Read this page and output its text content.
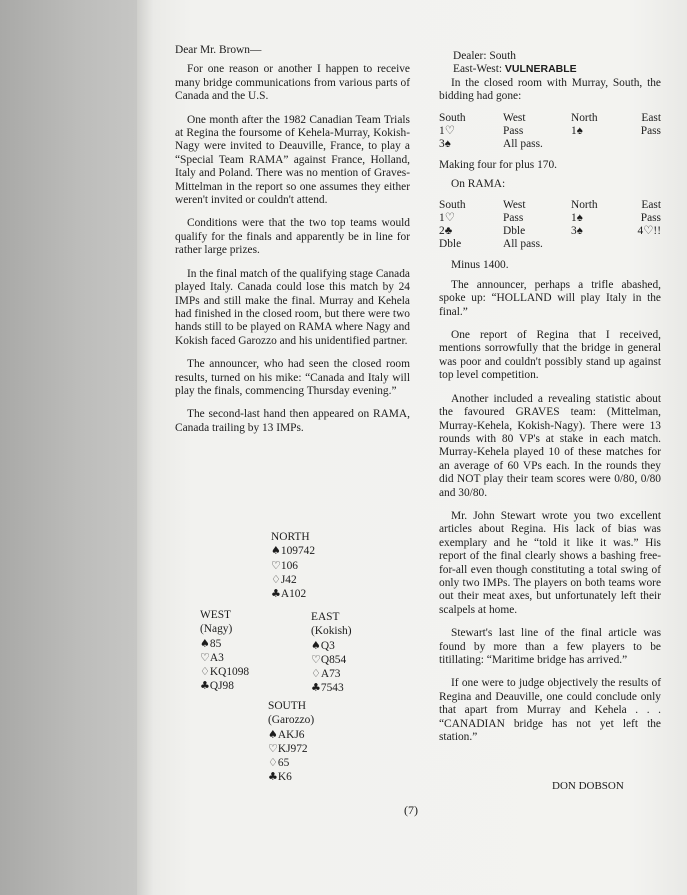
Dear Mr. Brown—

For one reason or another I happen to receive many bridge communications from various parts of Canada and the U.S.

One month after the 1982 Canadian Team Trials at Regina the foursome of Kehela-Murray, Kokish-Nagy were invited to Deauville, France, to play a “Special Team RAMA” against France, Holland, Italy and Poland. There was no mention of Graves-Mittelman in the report so one assumes they either weren't invited or couldn't attend.

Conditions were that the two top teams would qualify for the finals and apparently be in line for rather large prizes.

In the final match of the qualifying stage Canada played Italy. Canada could lose this match by 24 IMPs and still make the final. Murray and Kehela had finished in the closed room, but there were two hands still to be played on RAMA where Nagy and Kokish faced Garozzo and his unidentified partner.

The announcer, who had seen the closed room results, turned on his mike: “Canada and Italy will play the finals, commencing Thursday evening.”

The second-last hand then appeared on RAMA, Canada trailing by 13 IMPs.

NORTH
♠109742
♡106
♢J42
♣A102
WEST
(Nagy)
♠85
♡A3
♢KQ1098
♣QJ98
EAST
(Kokish)
♠Q3
♡Q854
♢A73
♣7543
SOUTH
(Garozzo)
♠AKJ6
♡KJ972
♢65
♣K6

Dealer: South

East-West: VULNERABLE

In the closed room with Murray, South, the bidding had gone:

South	West	North	East
1♡	Pass	1♠	Pass
3♠	All pass.		

Making four for plus 170.

On RAMA:

South	West	North	East
1♡	Pass	1♠	Pass
2♣	Dble	3♠	4♡!!
Dble	All pass.		

Minus 1400.

The announcer, perhaps a trifle abashed, spoke up: “HOLLAND will play Italy in the final.”

One report of Regina that I received, mentions sorrowfully that the bridge in general was poor and couldn't possibly stand up against top level competition.

Another included a revealing statistic about the favoured GRAVES team: (Mittelman, Murray-Kehela, Kokish-Nagy). There were 13 rounds with 80 VP's at stake in each match. Murray-Kehela played 10 of these matches for an average of 60 VPs each. In the rounds they did NOT play their team scores were 0/80, 0/80 and 30/80.

Mr. John Stewart wrote you two excellent articles about Regina. His lack of bias was exemplary and he “told it like it was.” His report of the final clearly shows a bashing free-for-all even though constituting a total swing of only two IMPs. The players on both teams wore out their meat axes, but unfortunately left their scalpels at home.

Stewart's last line of the final article was found by more than a few players to be titillating: “Maritime bridge has arrived.”

If one were to judge objectively the results of Regina and Deauville, one could conclude only that apart from Murray and Kehela . . . “CANADIAN bridge has not yet left the station.”

DON DOBSON
(7)
